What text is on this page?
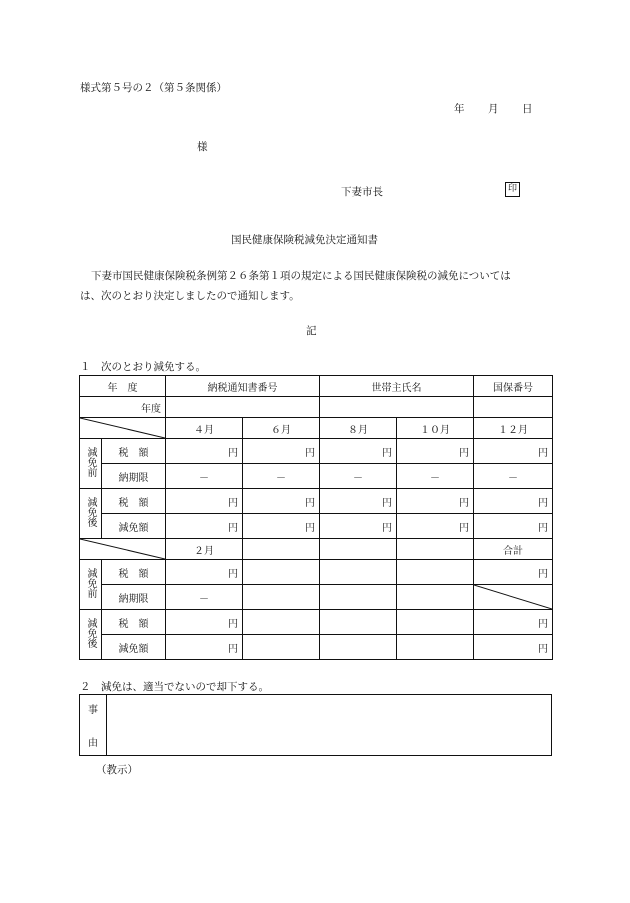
様式第５号の２（第５条関係）
年 月 日
様
下妻市長	印
国民健康保険税減免決定通知書
下妻市国民健康保険税条例第２６条第１項の規定による国民健康保険税の減免については
は、次のとおり決定しましたので通知します。
記
１　次のとおり減免する。
年　度		納税通知書番号		世帯主氏名		国保番号
年度						

	４月	６月	８月	１０月	１２月
減免前	税　額	円	円	円	円	円
	納期限	－	－	－	－	－
減免後	税　額	円	円	円	円	円
	減免額	円	円	円	円	円

	２月				合計
減免前	税　額	円				円
	納期限	－				

減免後	税　額	円				円
	減免額	円				円
２　減免は、適当でないので却下する。
事
由

（教示）
